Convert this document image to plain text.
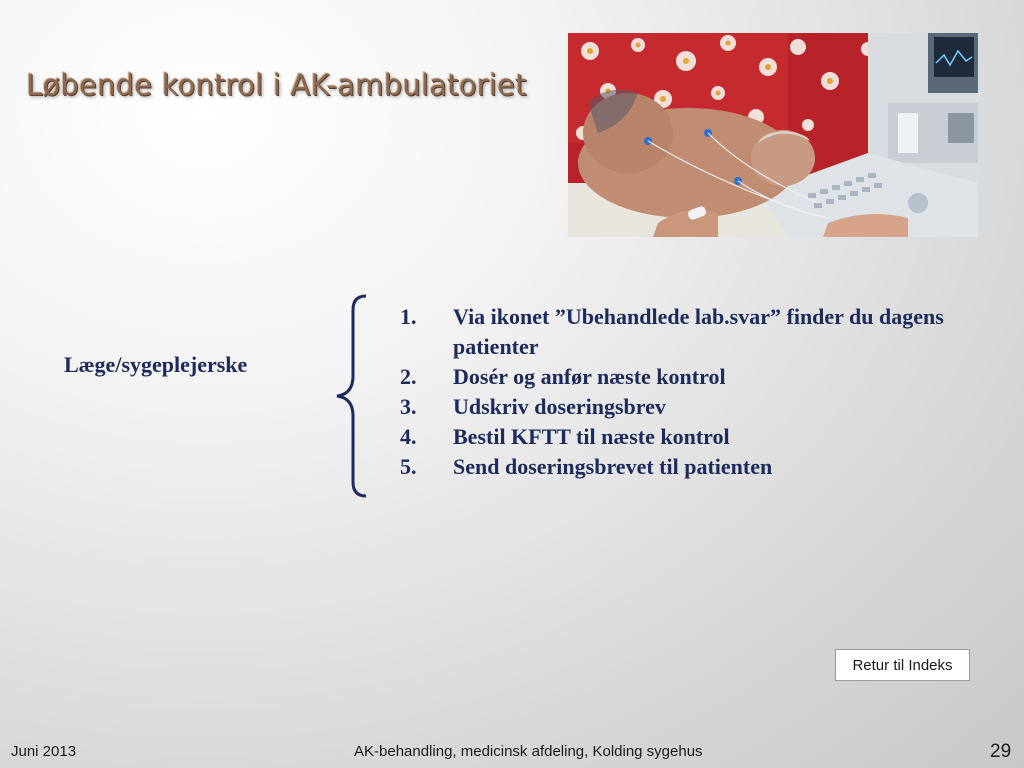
Løbende kontrol i AK-ambulatoriet
Læge/sygeplejerske
1.	Via ikonet ”Ubehandlede lab.svar” finder du dagens patienter
2.	Dosér og anfør næste kontrol
3.	Udskriv doseringsbrev
4.	Bestil KFTT til næste kontrol
5.	Send doseringsbrevet til patienten
Retur til Indeks
Juni 2013	AK-behandling, medicinsk afdeling, Kolding sygehus	29
